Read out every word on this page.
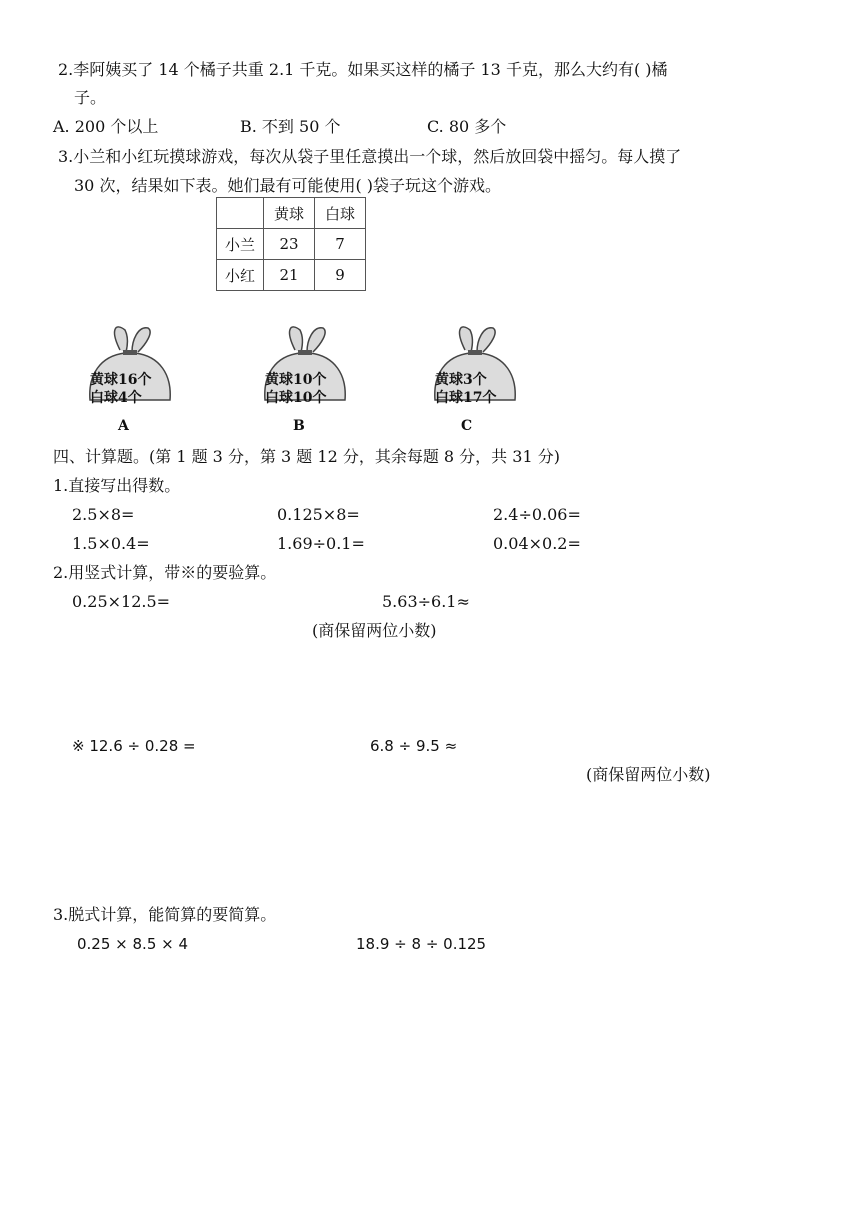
2.李阿姨买了 14 个橘子共重 2.1 千克。如果买这样的橘子 13 千克，那么大约有( )橘
子。
A. 200 个以上	B. 不到 50 个	C. 80 多个
3.小兰和小红玩摸球游戏，每次从袋子里任意摸出一个球，然后放回袋中摇匀。每人摸了
30 次，结果如下表。她们最有可能使用( )袋子玩这个游戏。
	黄球	白球
小兰	23	7
小红	21	9
黄球16个
白球4个
A
黄球10个
白球10个
B
黄球3个
白球17个
C
四、计算题。(第 1 题 3 分，第 3 题 12 分，其余每题 8 分，共 31 分)
1.直接写出得数。
2.5×8=	0.125×8=	2.4÷0.06=
1.5×0.4=	1.69÷0.1=	0.04×0.2=
2.用竖式计算，带※的要验算。
0.25×12.5=	5.63÷6.1≈
(商保留两位小数)
※ 12.6 ÷ 0.28 =	6.8 ÷ 9.5 ≈
(商保留两位小数)
3.脱式计算，能简算的要简算。
0.25 × 8.5 × 4	18.9 ÷ 8 ÷ 0.125
